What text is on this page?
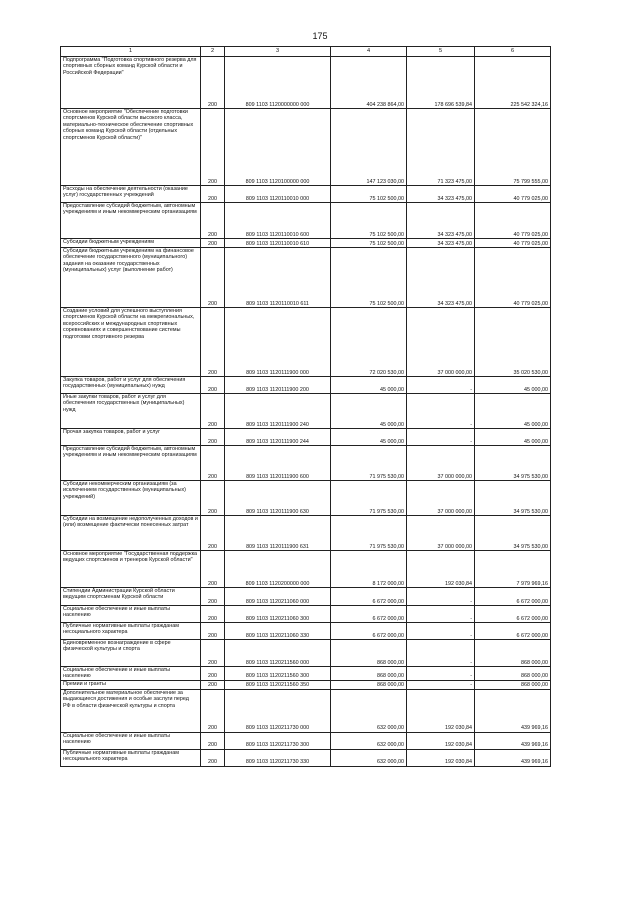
175
1	2	3	4	5	6
Подпрограмма "Подготовка спортивного резерва для спортивных сборных команд Курской области и Российской Федерации"	200	809 1103 1120000000 000	404 238 864,00	178 696 539,84	225 542 324,16
Основное мероприятие "Обеспечение подготовки спортсменов Курской области высокого класса, материально-техническое обеспечение спортивных сборных команд Курской области (отдельных спортсменов Курской области)"	200	809 1103 1120100000 000	147 123 030,00	71 323 475,00	75 799 555,00
Расходы на обеспечение деятельности (оказание услуг) государственных учреждений	200	809 1103 1120110010 000	75 102 500,00	34 323 475,00	40 779 025,00
Предоставление субсидий бюджетным, автономным учреждениям и иным некоммерческим организациям	200	809 1103 1120110010 600	75 102 500,00	34 323 475,00	40 779 025,00
Субсидии бюджетным учреждениям	200	809 1103 1120110010 610	75 102 500,00	34 323 475,00	40 779 025,00
Субсидии бюджетным учреждениям на финансовое обеспечение государственного (муниципального) задания на оказание государственных (муниципальных) услуг (выполнение работ)	200	809 1103 1120110010 611	75 102 500,00	34 323 475,00	40 779 025,00
Создание условий для успешного выступления спортсменов Курской области на межрегиональных, всероссийских и международных спортивных соревнованиях и совершенствование системы подготовки спортивного резерва	200	809 1103 1120111900 000	72 020 530,00	37 000 000,00	35 020 530,00
Закупка товаров, работ и услуг для обеспечения государственных (муниципальных) нужд	200	809 1103 1120111900 200	45 000,00	-	45 000,00
Иные закупки товаров, работ и услуг для обеспечения государственных (муниципальных) нужд	200	809 1103 1120111900 240	45 000,00	-	45 000,00
Прочая закупка товаров, работ и услуг	200	809 1103 1120111900 244	45 000,00	-	45 000,00
Предоставление субсидий бюджетным, автономным учреждениям и иным некоммерческим организациям	200	809 1103 1120111900 600	71 975 530,00	37 000 000,00	34 975 530,00
Субсидии некоммерческим организациям (за исключением государственных (муниципальных) учреждений)	200	809 1103 1120111900 630	71 975 530,00	37 000 000,00	34 975 530,00
Субсидии на возмещение недополученных доходов и (или) возмещение фактически понесенных затрат	200	809 1103 1120111900 631	71 975 530,00	37 000 000,00	34 975 530,00
Основное мероприятие "Государственная поддержка ведущих спортсменов и тренеров Курской области"	200	809 1103 1120200000 000	8 172 000,00	192 030,84	7 979 969,16
Стипендии Администрации Курской области ведущим спортсменам Курской области	200	809 1103 1120211060 000	6 672 000,00	-	6 672 000,00
Социальное обеспечение и иные выплаты населению	200	809 1103 1120211060 300	6 672 000,00	-	6 672 000,00
Публичные нормативные выплаты гражданам несоциального характера	200	809 1103 1120211060 330	6 672 000,00	-	6 672 000,00
Единовременное вознаграждение в сфере физической культуры и спорта	200	809 1103 1120211560 000	868 000,00	-	868 000,00
Социальное обеспечение и иные выплаты населению	200	809 1103 1120211560 300	868 000,00	-	868 000,00
Премии и гранты	200	809 1103 1120211560 350	868 000,00	-	868 000,00
Дополнительное материальное обеспечение за выдающиеся достижения и особые заслуги перед РФ в области физической культуры и спорта	200	809 1103 1120211730 000	632 000,00	192 030,84	439 969,16
Социальное обеспечение и иные выплаты населению	200	809 1103 1120211730 300	632 000,00	192 030,84	439 969,16
Публичные нормативные выплаты гражданам несоциального характера	200	809 1103 1120211730 330	632 000,00	192 030,84	439 969,16
